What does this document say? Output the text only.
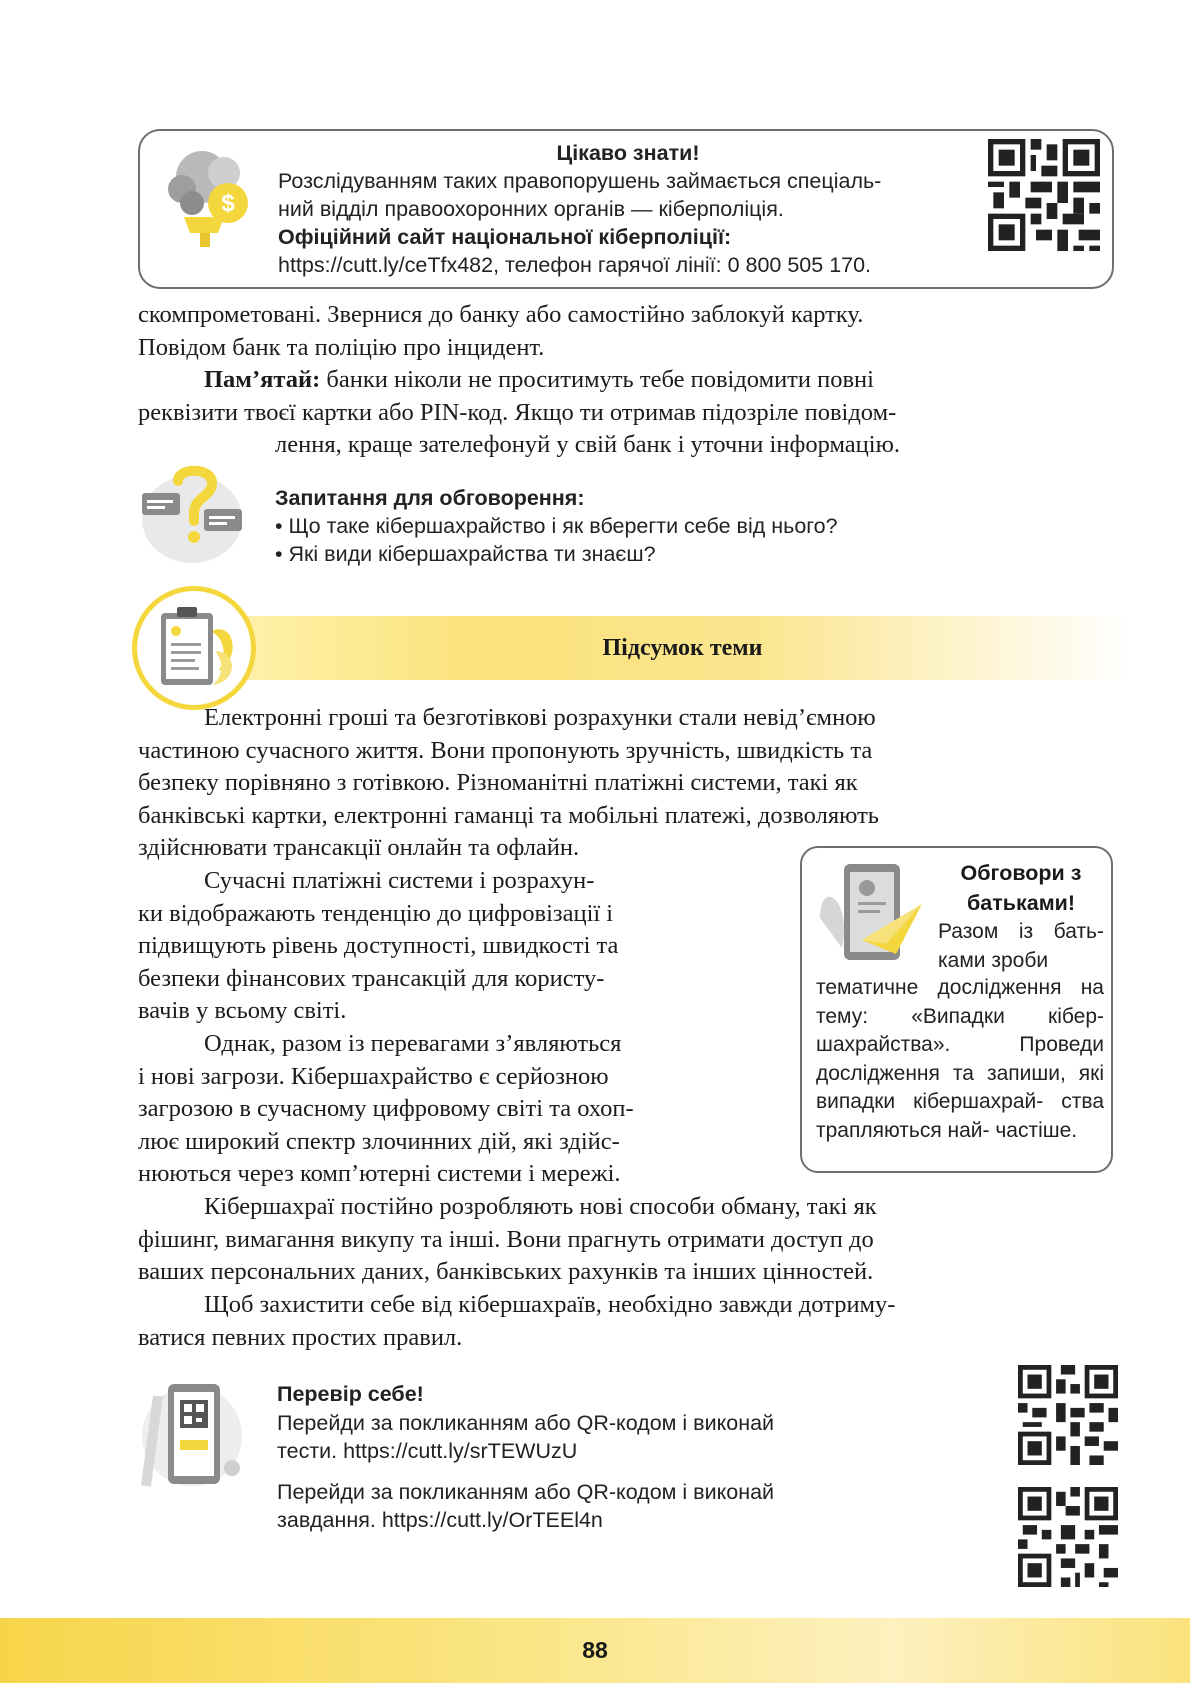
$
Цікаво знати!
Розслідуванням таких правопорушень займається спеціаль-
ний відділ правоохоронних органів — кіберполіція.
Офіційний сайт національної кіберполіції:
https://cutt.ly/ceTfx482, телефон гарячої лінії: 0 800 505 170.
скомпрометовані. Звернися до банку або самостійно заблокуй картку.
Повідом банк та поліцію про інцидент.
Пам’ятай: банки ніколи не проситимуть тебе повідомити повні
реквізити твоєї картки або PIN-код. Якщо ти отримав підозріле повідом-
лення, краще зателефонуй у свій банк і уточни інформацію.
Запитання для обговорення:
• Що таке кібершахрайство і як вберегти себе від нього?
• Які види кібершахрайства ти знаєш?
Підсумок теми
Електронні гроші та безготівкові розрахунки стали невід’ємною
частиною сучасного життя. Вони пропонують зручність, швидкість та
безпеку порівняно з готівкою. Різноманітні платіжні системи, такі як
банківські картки, електронні гаманці та мобільні платежі, дозволяють
здійснювати трансакції онлайн та офлайн.
Сучасні платіжні системи і розрахун-
ки відображають тенденцію до цифровізації і
підвищують рівень доступності, швидкості та
безпеки фінансових трансакцій для користу-
вачів у всьому світі.
Однак, разом із перевагами з’являються
і нові загрози. Кібершахрайство є серйозною
загрозою в сучасному цифровому світі та охоп-
лює широкий спектр злочинних дій, які здійс-
нюються через комп’ютерні системи і мережі.
Кібершахраї постійно розробляють нові способи обману, такі як
фішинг, вимагання викупу та інші. Вони прагнуть отримати доступ до
ваших персональних даних, банківських рахунків та інших цінностей.
Щоб захистити себе від кібершахраїв, необхідно завжди дотриму-
ватися певних простих правил.
Обговори з батьками!
Разом із бать- ками зроби
тематичне дослідження на тему: «Випадки кібер- шахрайства». Проведи дослідження та запиши, які випадки кібершахрай- ства трапляються най- частіше.

Перевір себе!

Перейди за покликанням або QR-кодом і виконай

тести. https://cutt.ly/srTEWUzU

Перейди за покликанням або QR-кодом і виконай

завдання. https://cutt.ly/OrTEEl4n

88
